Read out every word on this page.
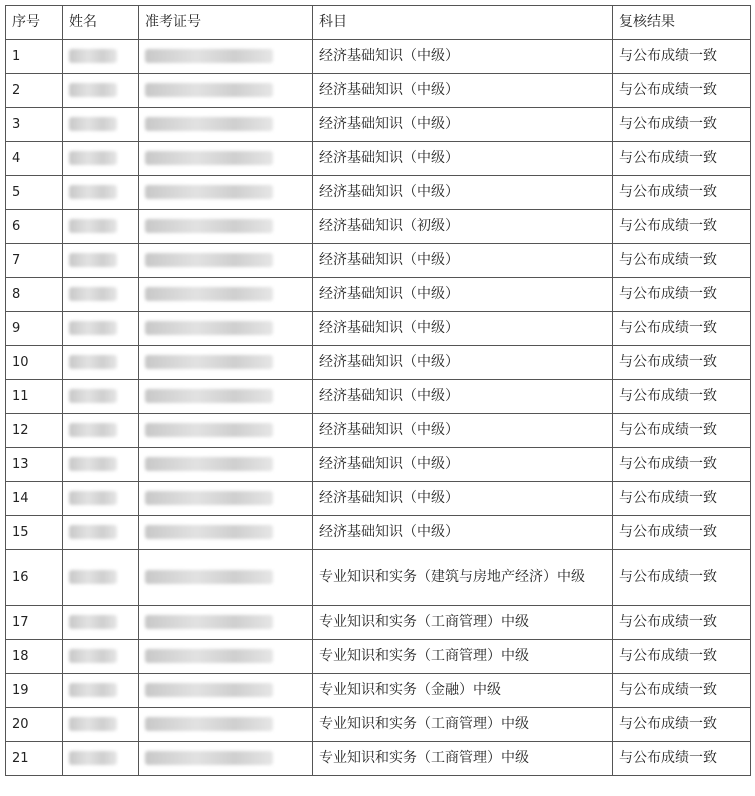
序号	姓名	准考证号	科目	复核结果
1			经济基础知识（中级）	与公布成绩一致
2			经济基础知识（中级）	与公布成绩一致
3			经济基础知识（中级）	与公布成绩一致
4			经济基础知识（中级）	与公布成绩一致
5			经济基础知识（中级）	与公布成绩一致
6			经济基础知识（初级）	与公布成绩一致
7			经济基础知识（中级）	与公布成绩一致
8			经济基础知识（中级）	与公布成绩一致
9			经济基础知识（中级）	与公布成绩一致
10			经济基础知识（中级）	与公布成绩一致
11			经济基础知识（中级）	与公布成绩一致
12			经济基础知识（中级）	与公布成绩一致
13			经济基础知识（中级）	与公布成绩一致
14			经济基础知识（中级）	与公布成绩一致
15			经济基础知识（中级）	与公布成绩一致
16			专业知识和实务（建筑与房地产经济）中级	与公布成绩一致
17			专业知识和实务（工商管理）中级	与公布成绩一致
18			专业知识和实务（工商管理）中级	与公布成绩一致
19			专业知识和实务（金融）中级	与公布成绩一致
20			专业知识和实务（工商管理）中级	与公布成绩一致
21			专业知识和实务（工商管理）中级	与公布成绩一致
